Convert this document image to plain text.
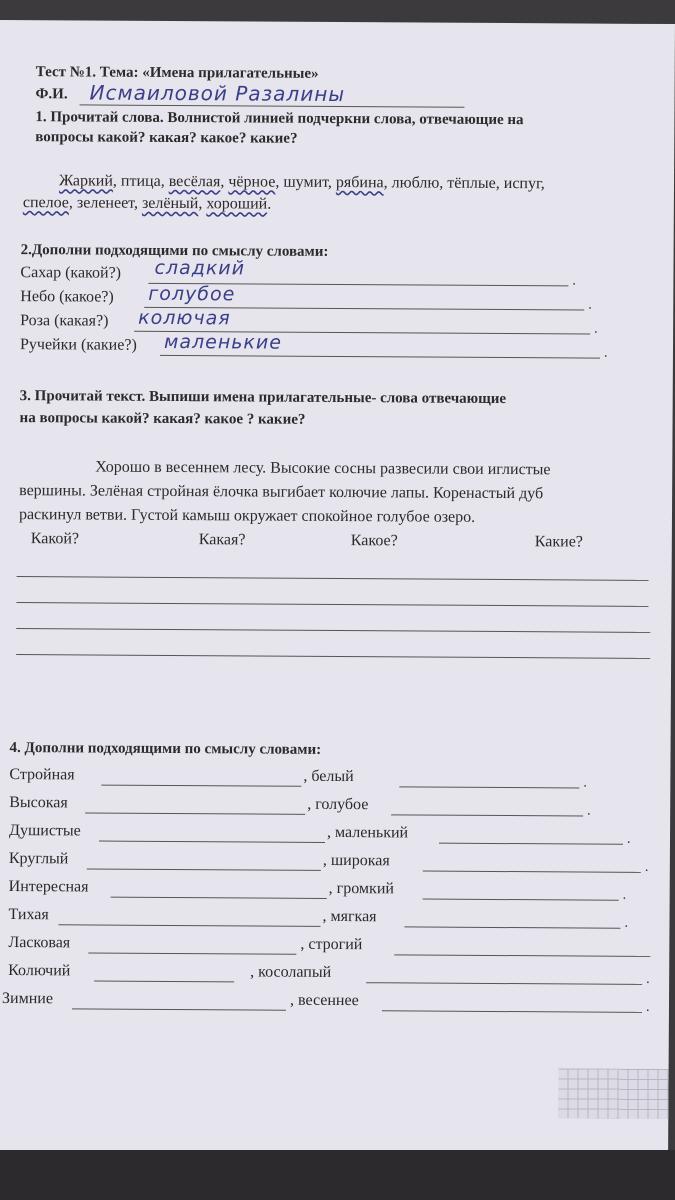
Тест №1. Тема: «Имена прилагательные»
Ф.И. Исмаиловой Разалины
1. Прочитай слова. Волнистой линией подчеркни слова, отвечающие на
вопросы какой? какая? какое? какие?
Жаркий, птица, весёлая, чёрное, шумит, рябина, люблю, тёплые, испуг,
спелое, зеленеет, зелёный, хороший.
2.Дополни подходящими по смыслу словами:
Сахар (какой?) сладкий
.
Небо (какое?) голубое	.
Роза (какая?) колючая	.
Ручейки (какие?) маленькие	.
3. Прочитай текст. Выпиши имена прилагательные- слова отвечающие
на вопросы какой? какая? какое ? какие?
Хорошо в весеннем лесу. Высокие сосны развесили свои иглистые
вершины. Зелёная стройная ёлочка выгибает колючие лапы. Коренастый дуб
раскинул ветви. Густой камыш окружает спокойное голубое озеро.
Какой?	Какая?	Какое?	Какие?
4. Дополни подходящими по смыслу словами:
Стройная	, белый	.
Высокая	, голубое	.
Душистые	, маленький	.
Круглый	, широкая	.
Интересная	, громкий	.
Тихая	, мягкая	.
Ласковая	, строгий
Колючий	, косолапый	.
Зимние	, весеннее	.
